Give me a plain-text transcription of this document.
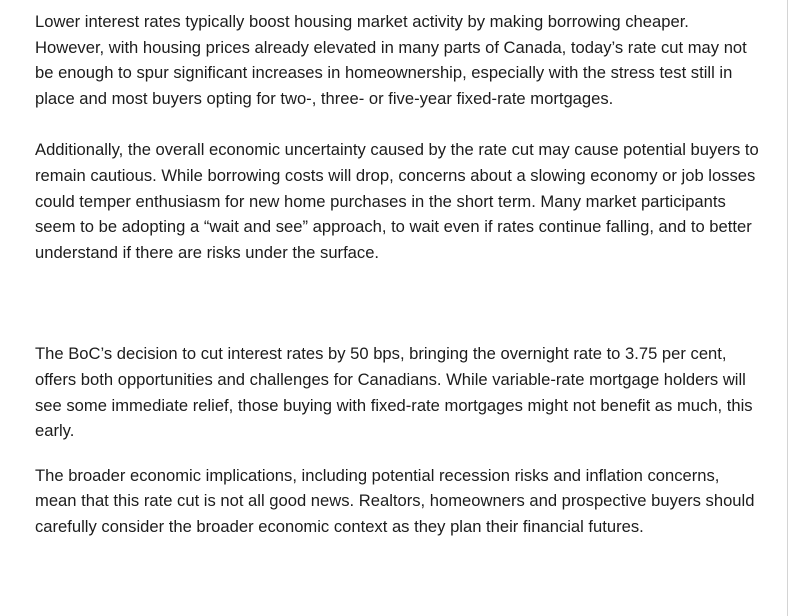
Lower interest rates typically boost housing market activity by making borrowing cheaper. However, with housing prices already elevated in many parts of Canada, today’s rate cut may not be enough to spur significant increases in homeownership, especially with the stress test still in place and most buyers opting for two-, three- or five-year fixed-rate mortgages.

Additionally, the overall economic uncertainty caused by the rate cut may cause potential buyers to remain cautious. While borrowing costs will drop, concerns about a slowing economy or job losses could temper enthusiasm for new home purchases in the short term. Many market participants seem to be adopting a “wait and see” approach, to wait even if rates continue falling, and to better understand if there are risks under the surface.

The BoC’s decision to cut interest rates by 50 bps, bringing the overnight rate to 3.75 per cent, offers both opportunities and challenges for Canadians. While variable-rate mortgage holders will see some immediate relief, those buying with fixed-rate mortgages might not benefit as much, this early.

The broader economic implications, including potential recession risks and inflation concerns, mean that this rate cut is not all good news. Realtors, homeowners and prospective buyers should carefully consider the broader economic context as they plan their financial futures.
